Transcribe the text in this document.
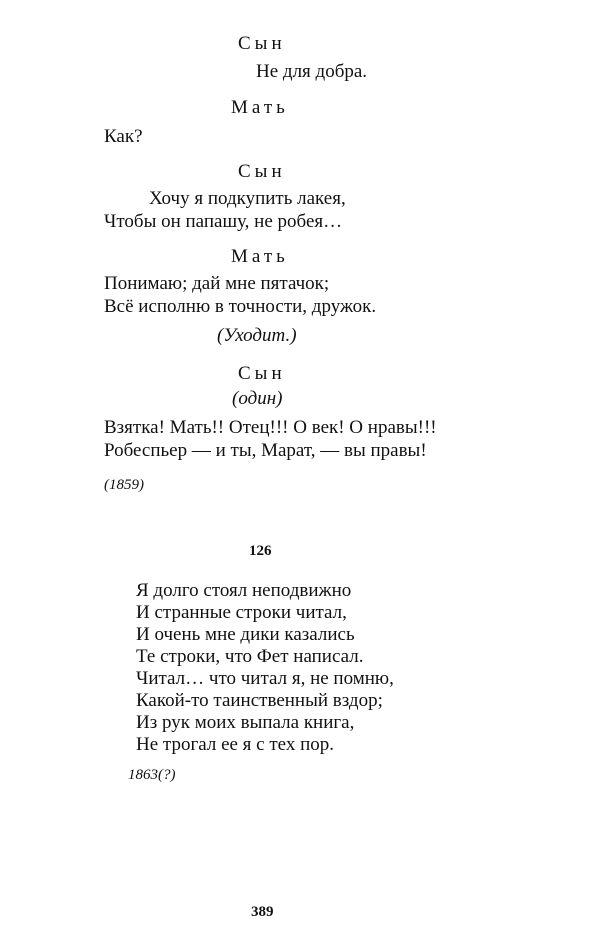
Сын
Не для добра.
Мать
Как?
Сын
Хочу я подкупить лакея,
Чтобы он папашу, не робея…
Мать
Понимаю; дай мне пятачок;
Всё исполню в точности, дружок.
(Уходит.)
Сын
(один)
Взятка! Мать!! Отец!!! О век! О нравы!!!
Робеспьер — и ты, Марат, — вы правы!
(1859)
126
Я долго стоял неподвижно
И странные строки читал,
И очень мне дики казались
Те строки, что Фет написал.
Читал… что читал я, не помню,
Какой-то таинственный вздор;
Из рук моих выпала книга,
Не трогал ее я с тех пор.
1863(?)
389
